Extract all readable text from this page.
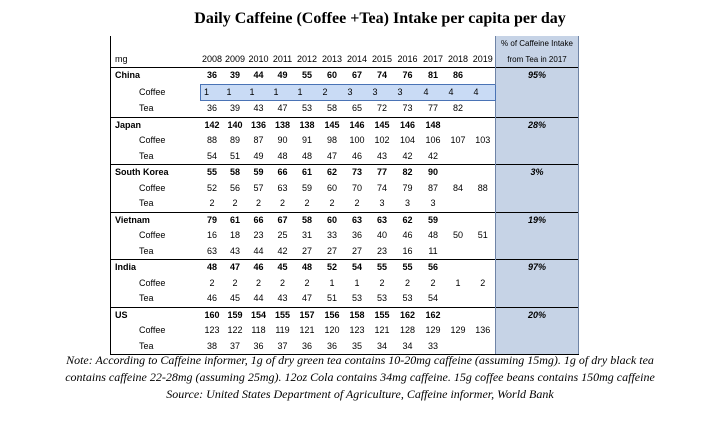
Daily Caffeine (Coffee +Tea) Intake per capita per day
													% of Caffeine Intake
mg	2008	2009	2010	2011	2012	2013	2014	2015	2016	2017	2018	2019	from Tea in 2017
China	36	39	44	49	55	60	67	74	76	81	86		95%
Coffee	1	1	1	1	1	2	3	3	3	4	4	4	
Tea	36	39	43	47	53	58	65	72	73	77	82		
Japan	142	140	136	138	138	145	146	145	146	148			28%
Coffee	88	89	87	90	91	98	100	102	104	106	107	103	
Tea	54	51	49	48	48	47	46	43	42	42			
South Korea	55	58	59	66	61	62	73	77	82	90			3%
Coffee	52	56	57	63	59	60	70	74	79	87	84	88	
Tea	2	2	2	2	2	2	2	3	3	3			
Vietnam	79	61	66	67	58	60	63	63	62	59			19%
Coffee	16	18	23	25	31	33	36	40	46	48	50	51	
Tea	63	43	44	42	27	27	27	23	16	11			
India	48	47	46	45	48	52	54	55	55	56			97%
Coffee	2	2	2	2	2	1	1	2	2	2	1	2	
Tea	46	45	44	43	47	51	53	53	53	54			
US	160	159	154	155	157	156	158	155	162	162			20%
Coffee	123	122	118	119	121	120	123	121	128	129	129	136	
Tea	38	37	36	37	36	36	35	34	34	33			
Note: According to Caffeine informer, 1g of dry green tea contains 10-20mg caffeine (assuming 15mg). 1g of dry black tea
contains caffeine 22-28mg (assuming 25mg). 12oz Cola contains 34mg caffeine. 15g coffee beans contains 150mg caffeine
Source: United States Department of Agriculture, Caffeine informer, World Bank
